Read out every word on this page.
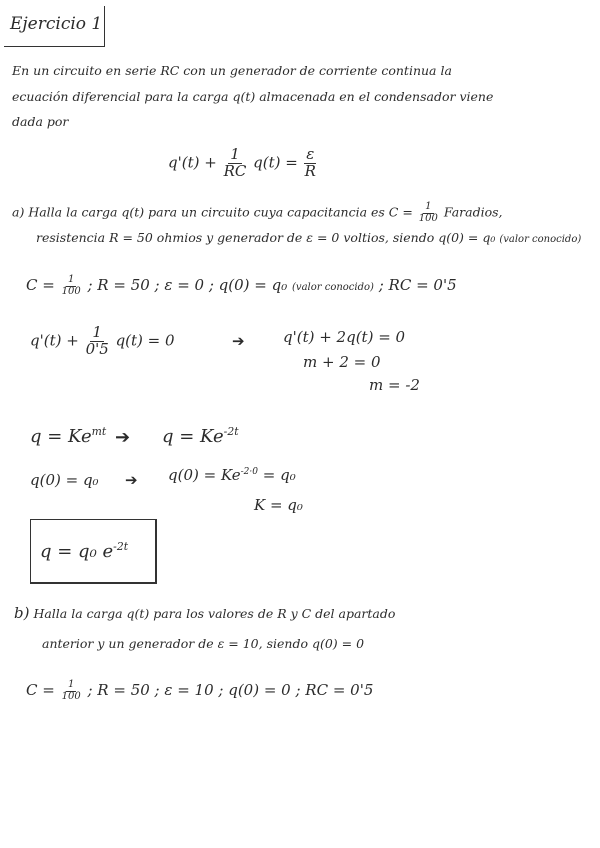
Ejercicio 1
En un circuito en serie RC con un generador de corriente continua la
ecuación diferencial para la carga q(t) almacenada en el condensador viene
dada por
$q'(t) + \frac{1}{RC} q(t) = \frac{\varepsilon}{R}$
a) Halla la carga q(t) para un circuito cuya capacitancia es $C = \frac{1}{100}$ Faradios,
resistencia R = 50 ohmios y generador de ε = 0 voltios, siendo q(0) = q₀ (valor conocido)
$C = \frac{1}{100}$ ; R = 50 ; ε = 0 ; q(0) = q₀ (valor conocido) ; RC = 0'5
$q'(t) + \frac{1}{0'5} q(t) = 0$	➔	q'(t) + 2q(t) = 0
m + 2 = 0
m = -2
$q = Ke^{mt}$ ➔ $q = Ke^{-2t}$
q(0) = q₀ ➔ $q(0) = Ke^{-2\cdot 0} = q_0$
K = q₀
q = q₀ $e^{-2t}$
b) Halla la carga q(t) para los valores de R y C del apartado
anterior y un generador de ε = 10, siendo q(0) = 0
$C = \frac{1}{100}$ ; R = 50 ; ε = 10 ; q(0) = 0 ; RC = 0'5
